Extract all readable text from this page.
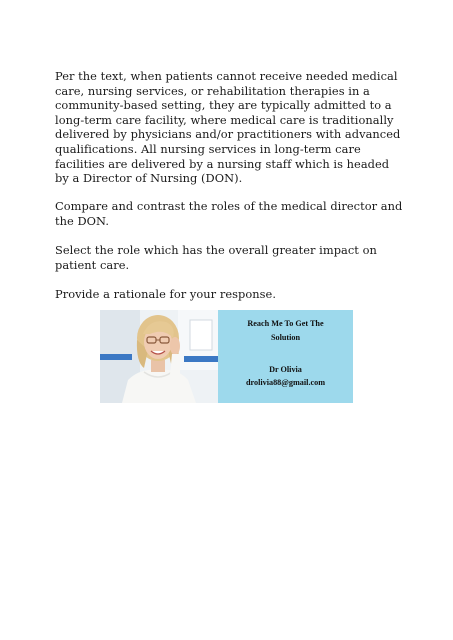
Per the text, when patients cannot receive needed medical care, nursing services, or rehabilitation therapies in a community-based setting, they are typically admitted to a long-term care facility, where medical care is traditionally delivered by physicians and/or practitioners with advanced qualifications. All nursing services in long-term care facilities are delivered by a nursing staff which is headed by a Director of Nursing (DON).

Compare and contrast the roles of the medical director and the DON.

Select the role which has the overall greater impact on patient care.

Provide a rationale for your response.

Reach Me To Get The
Solution
Dr Olivia
drolivia88@gmail.com
